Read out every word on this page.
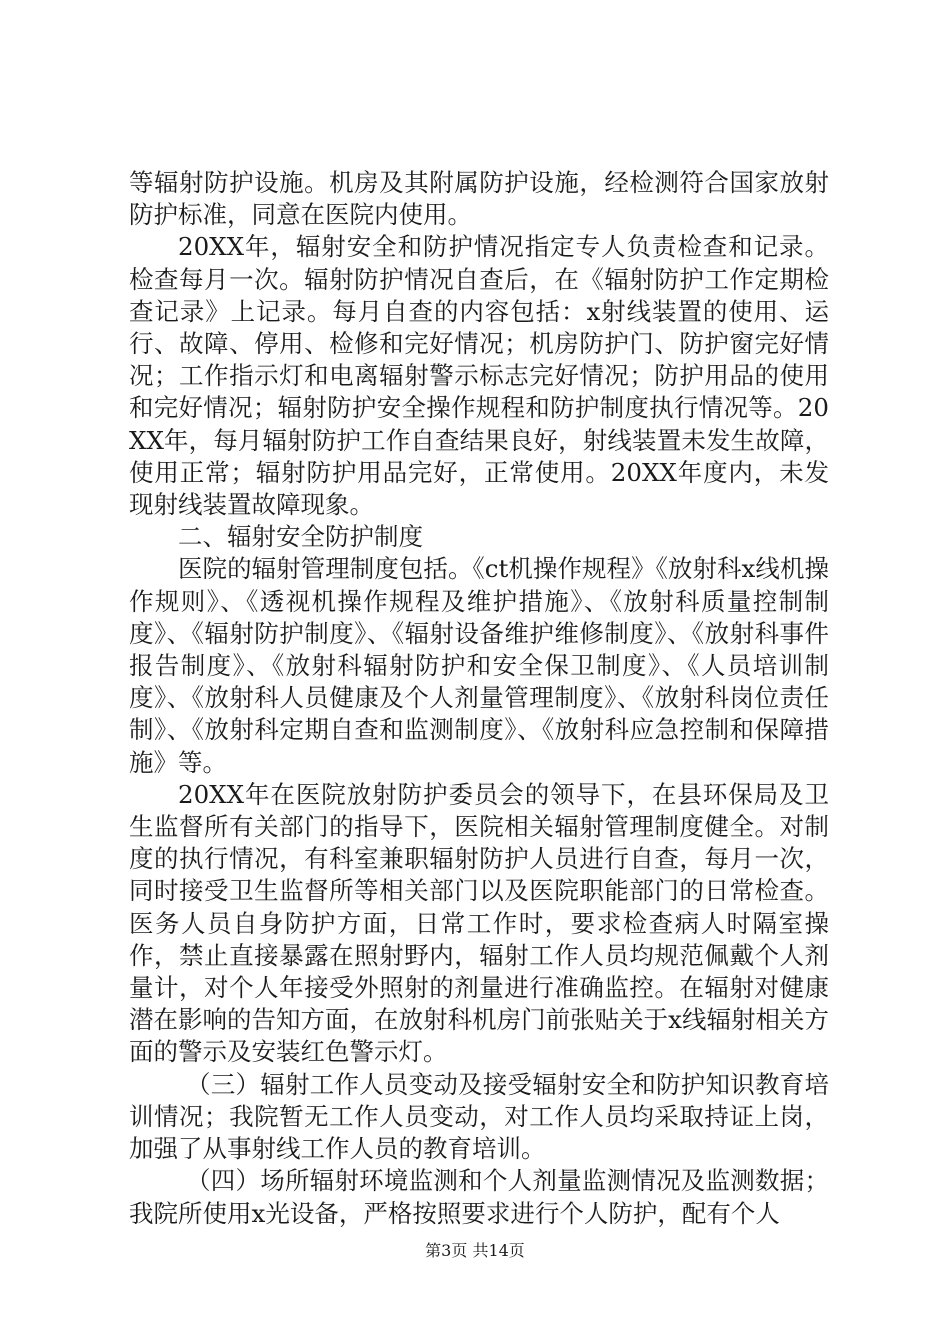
等辐射防护设施。机房及其附属防护设施，经检测符合国家放射防护标准，同意在医院内使用。

20XX年，辐射安全和防护情况指定专人负责检查和记录。检查每月一次。辐射防护情况自查后，在《辐射防护工作定期检查记录》上记录。每月自查的内容包括：x射线装置的使用、运行、故障、停用、检修和完好情况；机房防护门、防护窗完好情况；工作指示灯和电离辐射警示标志完好情况；防护用品的使用和完好情况；辐射防护安全操作规程和防护制度执行情况等。20XX年，每月辐射防护工作自查结果良好，射线装置未发生故障，使用正常；辐射防护用品完好，正常使用。20XX年度内，未发现射线装置故障现象。

二、辐射安全防护制度

医院的辐射管理制度包括。《ct机操作规程》《放射科x线机操作规则》、《透视机操作规程及维护措施》、《放射科质量控制制度》、《辐射防护制度》、《辐射设备维护维修制度》、《放射科事件报告制度》、《放射科辐射防护和安全保卫制度》、《人员培训制度》、《放射科人员健康及个人剂量管理制度》、《放射科岗位责任制》、《放射科定期自查和监测制度》、《放射科应急控制和保障措施》等。

20XX年在医院放射防护委员会的领导下，在县环保局及卫生监督所有关部门的指导下，医院相关辐射管理制度健全。对制度的执行情况，有科室兼职辐射防护人员进行自查，每月一次，同时接受卫生监督所等相关部门以及医院职能部门的日常检查。医务人员自身防护方面，日常工作时，要求检查病人时隔室操作，禁止直接暴露在照射野内，辐射工作人员均规范佩戴个人剂量计，对个人年接受外照射的剂量进行准确监控。在辐射对健康潜在影响的告知方面，在放射科机房门前张贴关于x线辐射相关方面的警示及安装红色警示灯。

（三）辐射工作人员变动及接受辐射安全和防护知识教育培训情况；我院暂无工作人员变动，对工作人员均采取持证上岗，加强了从事射线工作人员的教育培训。

（四）场所辐射环境监测和个人剂量监测情况及监测数据；我院所使用x光设备，严格按照要求进行个人防护，配有个人

第3页 共14页
